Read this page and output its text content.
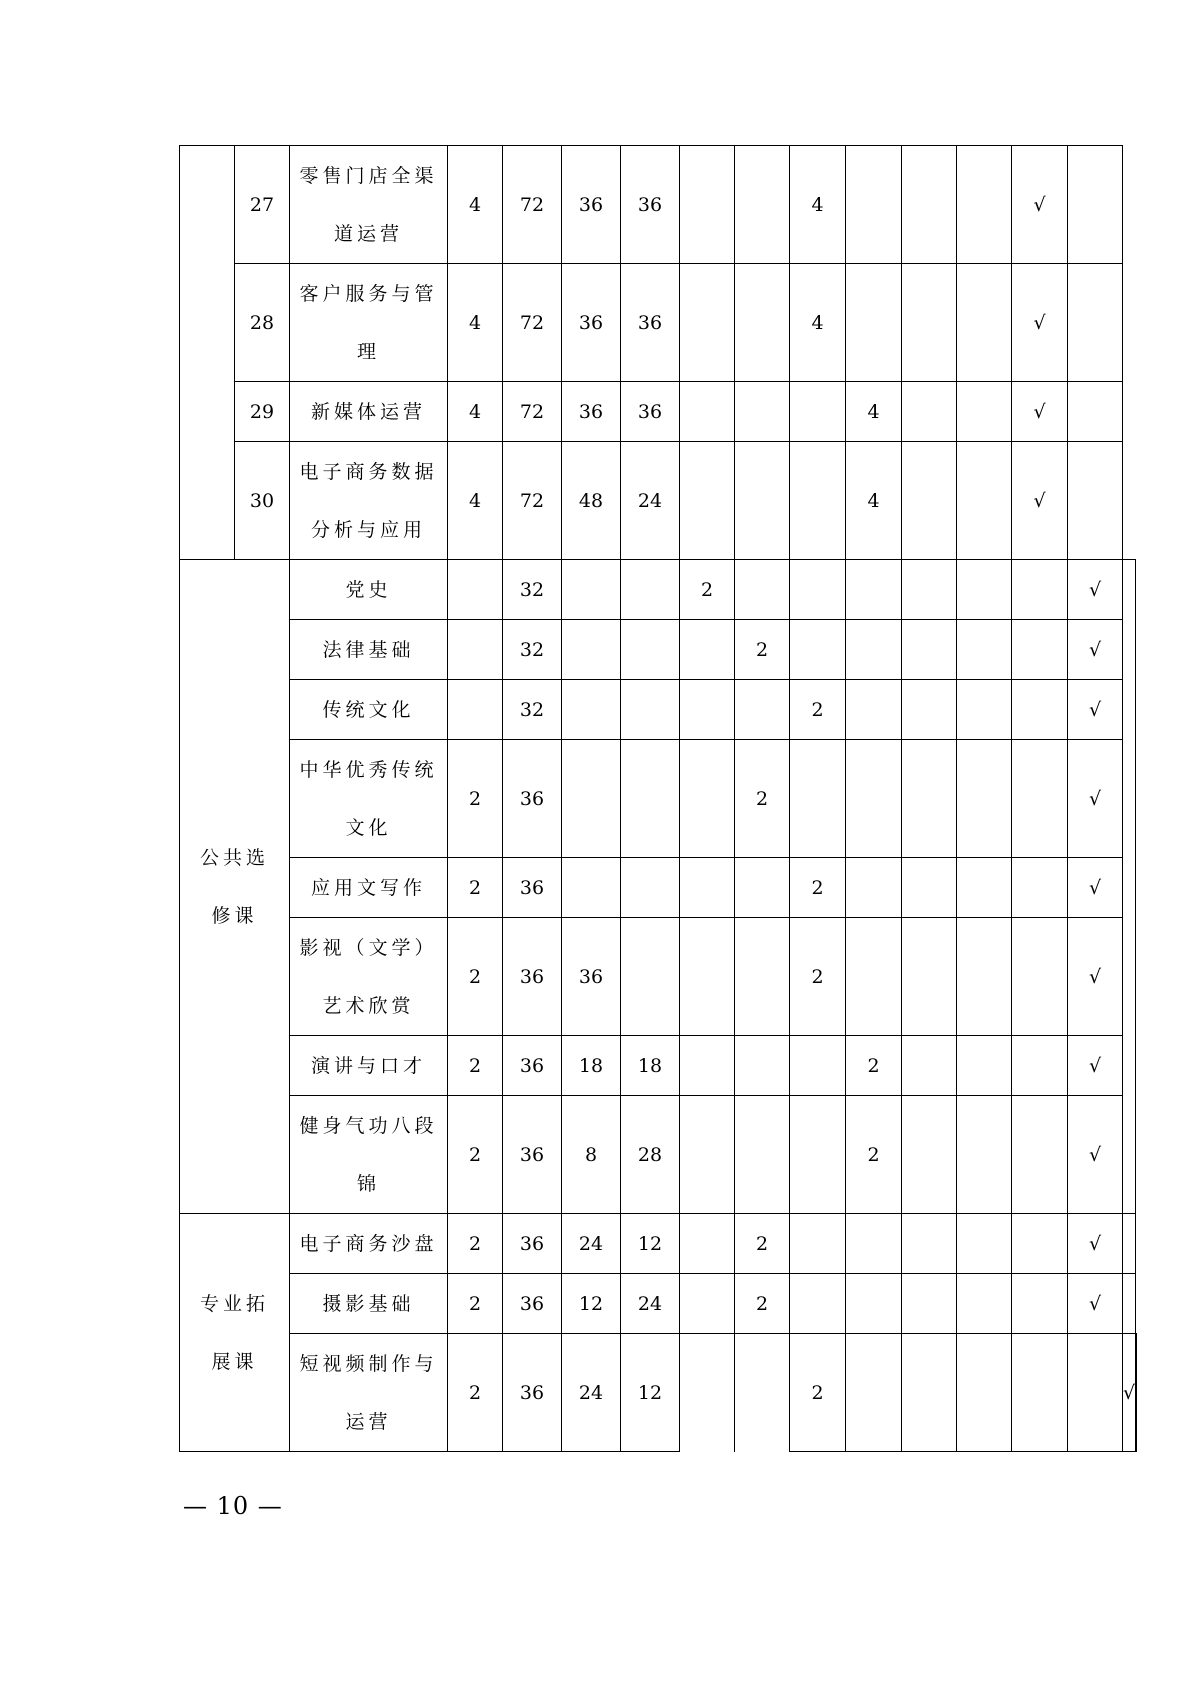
	27	零售门店全渠
道运营	4	72	36	36			4				√			
	28	客户服务与管
理	4	72	36	36			4				√			
	29	新媒体运营	4	72	36	36				4			√			
	30	电子商务数据
分析与应用	4	72	48	24				4			√			
公共选
修课		党史		32			2							√		
		法律基础		32				2						√		
		传统文化		32					2					√		
		中华优秀传统
文化	2	36				2						√		
		应用文写作	2	36					2					√		
		影视（文学）
艺术欣赏	2	36	36				2					√		
		演讲与口才	2	36	18	18				2				√		
		健身气功八段
锦	2	36	8	28				2				√		
专业拓
展课		电子商务沙盘	2	36	24	12		2						√		
		摄影基础	2	36	12	24		2						√		
		短视频制作与
运营	2	36	24	12			2						√	
— 10 —
